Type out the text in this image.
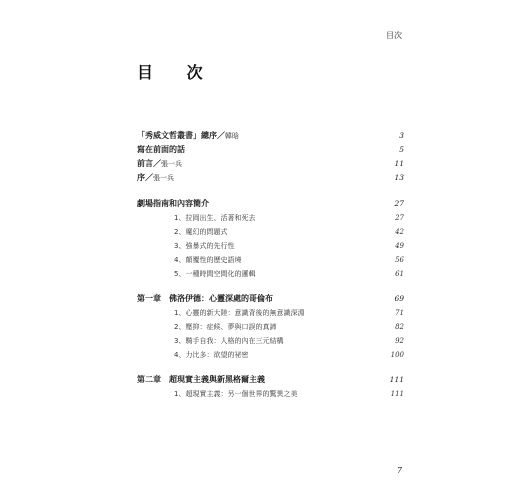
目次
目 次
「秀威文哲叢書」總序／韓晗	3
寫在前面的話	5
前言／張一兵	11
序／張一兵	13
劇場指南和內容簡介	27
1、拉岡出生、活著和死去	27
2、魔幻的問題式	42
3、強暴式的先行性	49
4、顛覆性的歷史語境	56
5、一種時間空間化的邏輯	61
第一章　佛洛伊德：心靈深處的哥倫布	69
1、心靈的新大陸：意識背後的無意識深淵	71
2、壓抑：症候、夢與口誤的真諦	82
3、騎手自我：人格的內在三元結構	92
4、力比多：欲望的祕密	100
第二章　超現實主義與新黑格爾主義	111
1、超現實主義：另一個世界的驚異之美	111
7
